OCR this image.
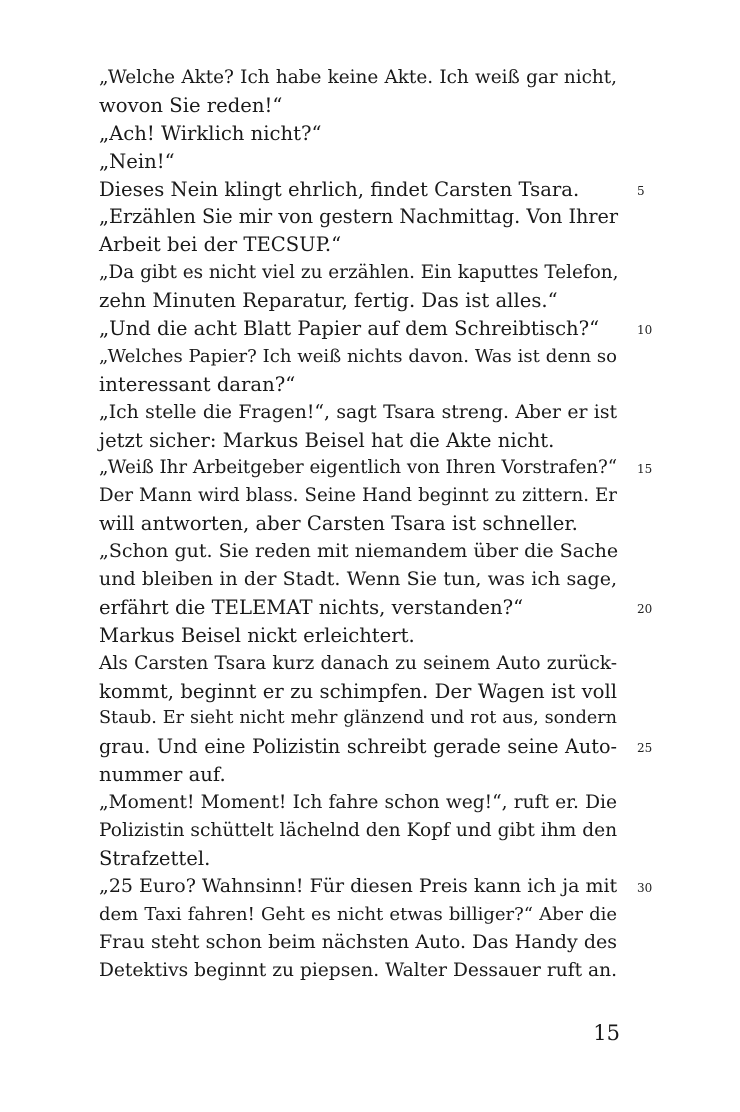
„Welche Akte? Ich habe keine Akte. Ich weiß gar nicht,
wovon Sie reden!“
„Ach! Wirklich nicht?“
„Nein!“
Dieses Nein klingt ehrlich, findet Carsten Tsara.	5
„Erzählen Sie mir von gestern Nachmittag. Von Ihrer
Arbeit bei der TECSUP.“
„Da gibt es nicht viel zu erzählen. Ein kaputtes Telefon,
zehn Minuten Reparatur, fertig. Das ist alles.“
„Und die acht Blatt Papier auf dem Schreibtisch?“	10
„Welches Papier? Ich weiß nichts davon. Was ist denn so
interessant daran?“
„Ich stelle die Fragen!“, sagt Tsara streng. Aber er ist
jetzt sicher: Markus Beisel hat die Akte nicht.
„Weiß Ihr Arbeitgeber eigentlich von Ihren Vorstrafen?“ 15
Der Mann wird blass. Seine Hand beginnt zu zittern. Er
will antworten, aber Carsten Tsara ist schneller.
„Schon gut. Sie reden mit niemandem über die Sache
und bleiben in der Stadt. Wenn Sie tun, was ich sage,
erfährt die TELEMAT nichts, verstanden?“	20
Markus Beisel nickt erleichtert.
Als Carsten Tsara kurz danach zu seinem Auto zurück-
kommt, beginnt er zu schimpfen. Der Wagen ist voll
Staub. Er sieht nicht mehr glänzend und rot aus, sondern
grau. Und eine Polizistin schreibt gerade seine Auto- 25
nummer auf.
„Moment! Moment! Ich fahre schon weg!“, ruft er. Die
Polizistin schüttelt lächelnd den Kopf und gibt ihm den
Strafzettel.
„25 Euro? Wahnsinn! Für diesen Preis kann ich ja mit 30
dem Taxi fahren! Geht es nicht etwas billiger?“ Aber die
Frau steht schon beim nächsten Auto. Das Handy des
Detektivs beginnt zu piepsen. Walter Dessauer ruft an.
15
